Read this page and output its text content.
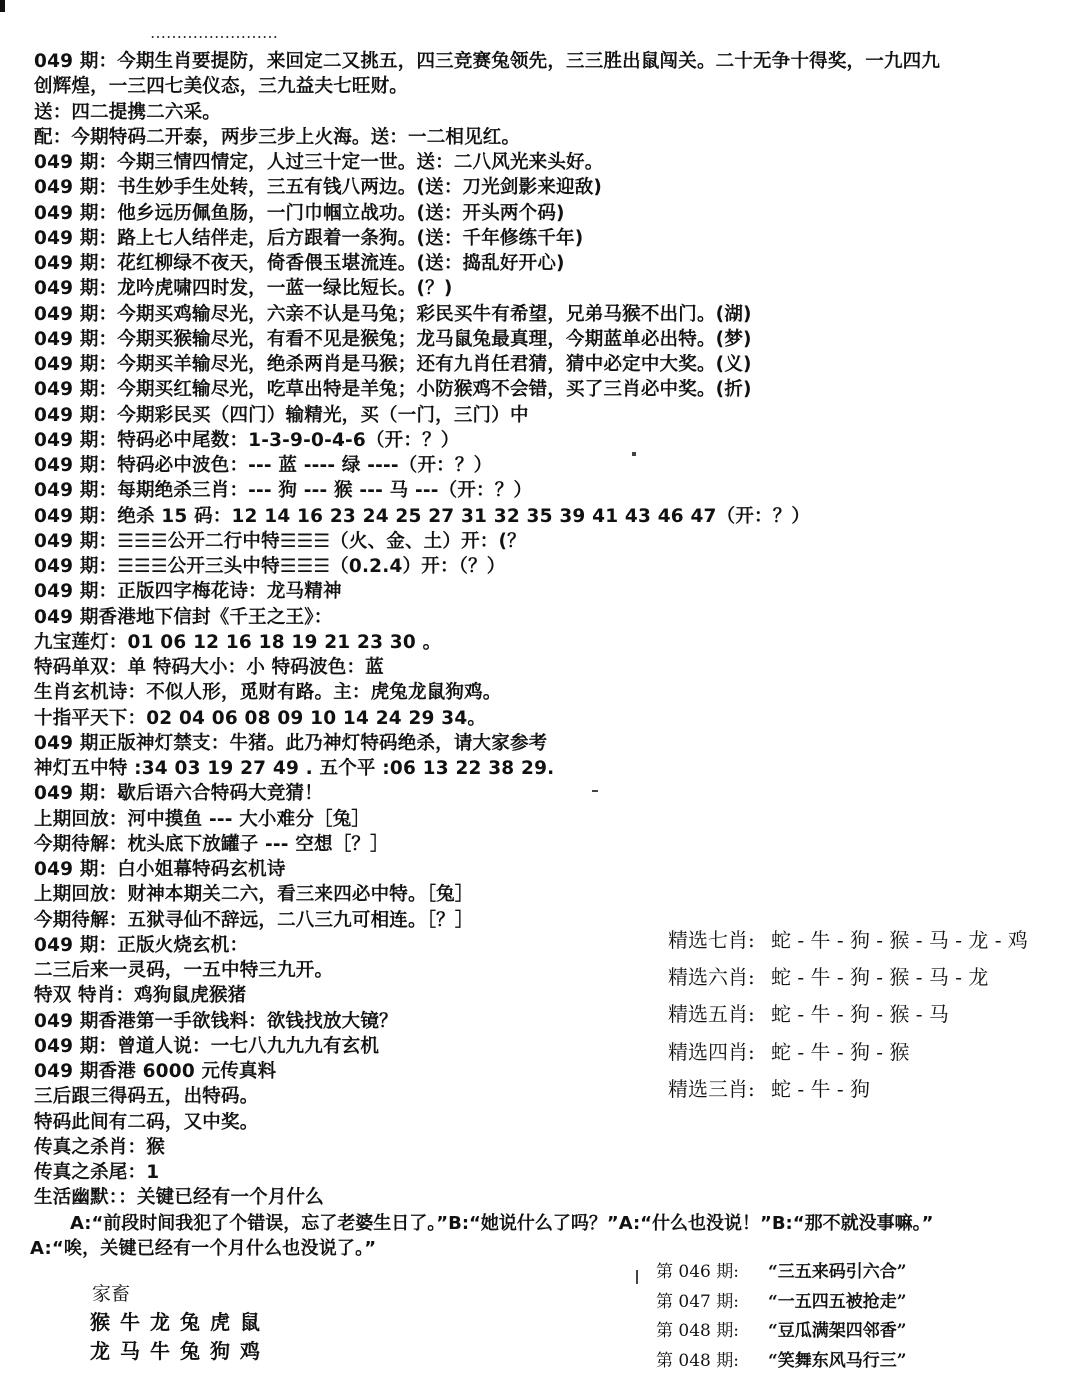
……………………
049 期：今期生肖要提防，来回定二又挑五，四三竞赛兔领先，三三胜出鼠闯关。二十无争十得奖，一九四九
创辉煌，一三四七美仪态，三九益夫七旺财。
送：四二提携二六采。
配：今期特码二开泰，两步三步上火海。送：一二相见红。
049 期：今期三情四情定，人过三十定一世。送：二八风光来头好。
049 期：书生妙手生处转，三五有钱八两边。(送：刀光剑影来迎敌)
049 期：他乡远历佩鱼肠，一门巾帼立战功。(送：开头两个码)
049 期：路上七人结伴走，后方跟着一条狗。(送：千年修练千年)
049 期：花红柳绿不夜天，倚香偎玉堪流连。(送：捣乱好开心)
049 期：龙吟虎啸四时发，一蓝一绿比短长。(？)
049 期：今期买鸡输尽光，六亲不认是马兔；彩民买牛有希望，兄弟马猴不出门。(湖)
049 期：今期买猴输尽光，有看不见是猴兔；龙马鼠兔最真理，今期蓝单必出特。(梦)
049 期：今期买羊输尽光，绝杀两肖是马猴；还有九肖任君猜，猜中必定中大奖。(义)
049 期：今期买红输尽光，吃草出特是羊兔；小防猴鸡不会错，买了三肖必中奖。(折)
049 期：今期彩民买（四门）输精光，买（一门，三门）中
049 期：特码必中尾数：1-3-9-0-4-6（开：？）
049 期：特码必中波色：--- 蓝 ---- 绿 ----（开：？）
049 期：每期绝杀三肖：--- 狗 --- 猴 --- 马 ---（开：？）
049 期：绝杀 15 码：12 14 16 23 24 25 27 31 32 35 39 41 43 46 47（开：？）
049 期：☰☰☰公开二行中特☰☰☰（火、金、土）开：(？
049 期：☰☰☰公开三头中特☰☰☰（0.2.4）开：（？）
049 期：正版四字梅花诗：龙马精神
049 期香港地下信封《千王之王》：
九宝莲灯：01 06 12 16 18 19 21 23 30 。
特码单双：单 特码大小：小 特码波色：蓝
生肖玄机诗：不似人形，觅财有路。主：虎兔龙鼠狗鸡。
十指平天下：02 04 06 08 09 10 14 24 29 34。
049 期正版神灯禁支：牛猪。此乃神灯特码绝杀，请大家参考
神灯五中特 :34 03 19 27 49 . 五个平 :06 13 22 38 29.
049 期：歇后语六合特码大竞猜！
上期回放：河中摸鱼 --- 大小难分［兔］
今期待解：枕头底下放罐子 --- 空想［？］
049 期：白小姐幕特码玄机诗
上期回放：财神本期关二六，看三来四必中特。［兔］
今期待解：五狱寻仙不辞远，二八三九可相连。［？］
049 期：正版火烧玄机：
二三后来一灵码，一五中特三九开。
特双 特肖：鸡狗鼠虎猴猪
049 期香港第一手欲钱料：欲钱找放大镜？
049 期：曾道人说：一七八九九九有玄机
049 期香港 6000 元传真料
三后跟三得码五，出特码。
特码此间有二码，又中奖。
传真之杀肖：猴
传真之杀尾：1
生活幽默：：关键已经有一个月什么
A:“前段时间我犯了个错误，忘了老婆生日了。”B:“她说什么了吗？”A:“什么也没说！”B:“那不就没事嘛。”
A:“唉，关键已经有一个月什么也没说了。”
精选七肖: 蛇 - 牛 - 狗 - 猴 - 马 - 龙 - 鸡
精选六肖: 蛇 - 牛 - 狗 - 猴 - 马 - 龙
精选五肖: 蛇 - 牛 - 狗 - 猴 - 马
精选四肖: 蛇 - 牛 - 狗 - 猴
精选三肖: 蛇 - 牛 - 狗
家畜
猴牛龙兔虎鼠
龙马牛兔狗鸡
第 046 期: “三五来码引六合”
第 047 期: “一五四五被抢走”
第 048 期: “豆瓜满架四邻香”
第 048 期: “笑舞东风马行三”
